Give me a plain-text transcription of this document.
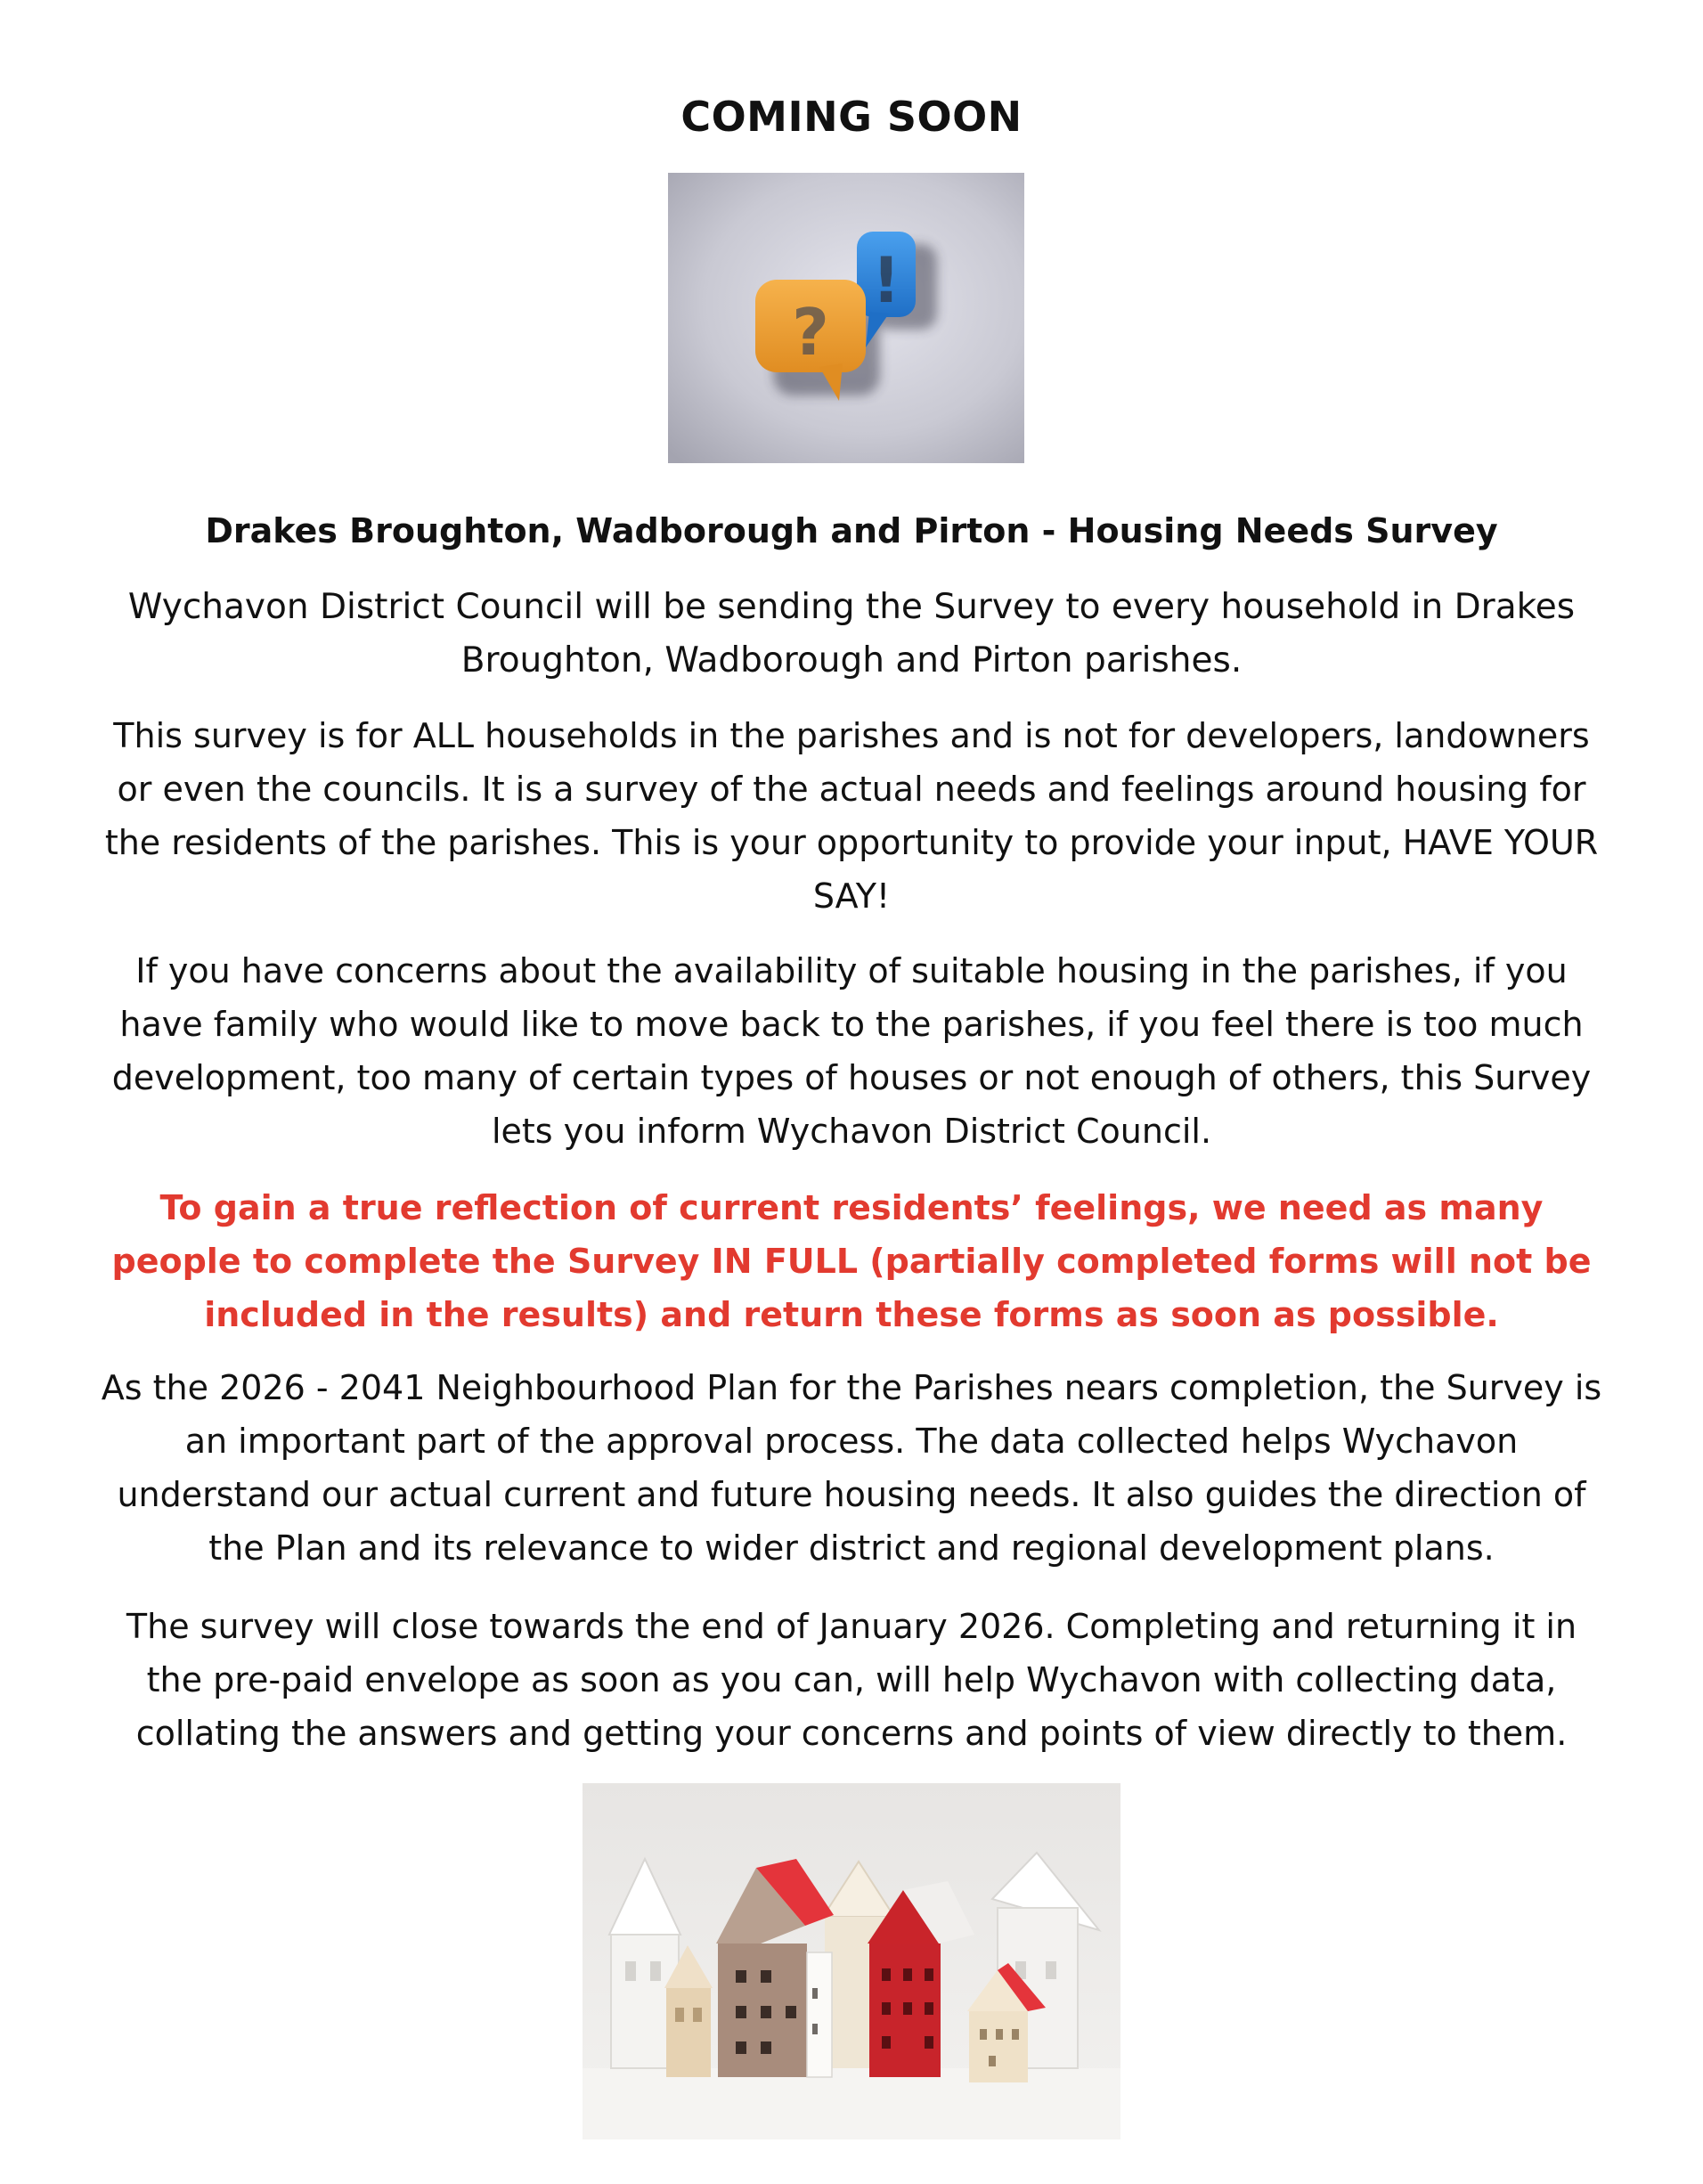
COMING SOON
!
?
Drakes Broughton, Wadborough and Pirton - Housing Needs Survey

Wychavon District Council will be sending the Survey to every household in Drakes Broughton, Wadborough and Pirton parishes.

This survey is for ALL households in the parishes and is not for developers, landowners or even the councils. It is a survey of the actual needs and feelings around housing for the residents of the parishes. This is your opportunity to provide your input, HAVE YOUR SAY!

If you have concerns about the availability of suitable housing in the parishes, if you have family who would like to move back to the parishes, if you feel there is too much development, too many of certain types of houses or not enough of others, this Survey lets you inform Wychavon District Council.

To gain a true reflection of current residents’ feelings, we need as many people to complete the Survey IN FULL (partially completed forms will not be included in the results) and return these forms as soon as possible.

As the 2026 - 2041 Neighbourhood Plan for the Parishes nears completion, the Survey is an important part of the approval process. The data collected helps Wychavon understand our actual current and future housing needs. It also guides the direction of the Plan and its relevance to wider district and regional development plans.

The survey will close towards the end of January 2026. Completing and returning it in the pre-paid envelope as soon as you can, will help Wychavon with collecting data, collating the answers and getting your concerns and points of view directly to them.
